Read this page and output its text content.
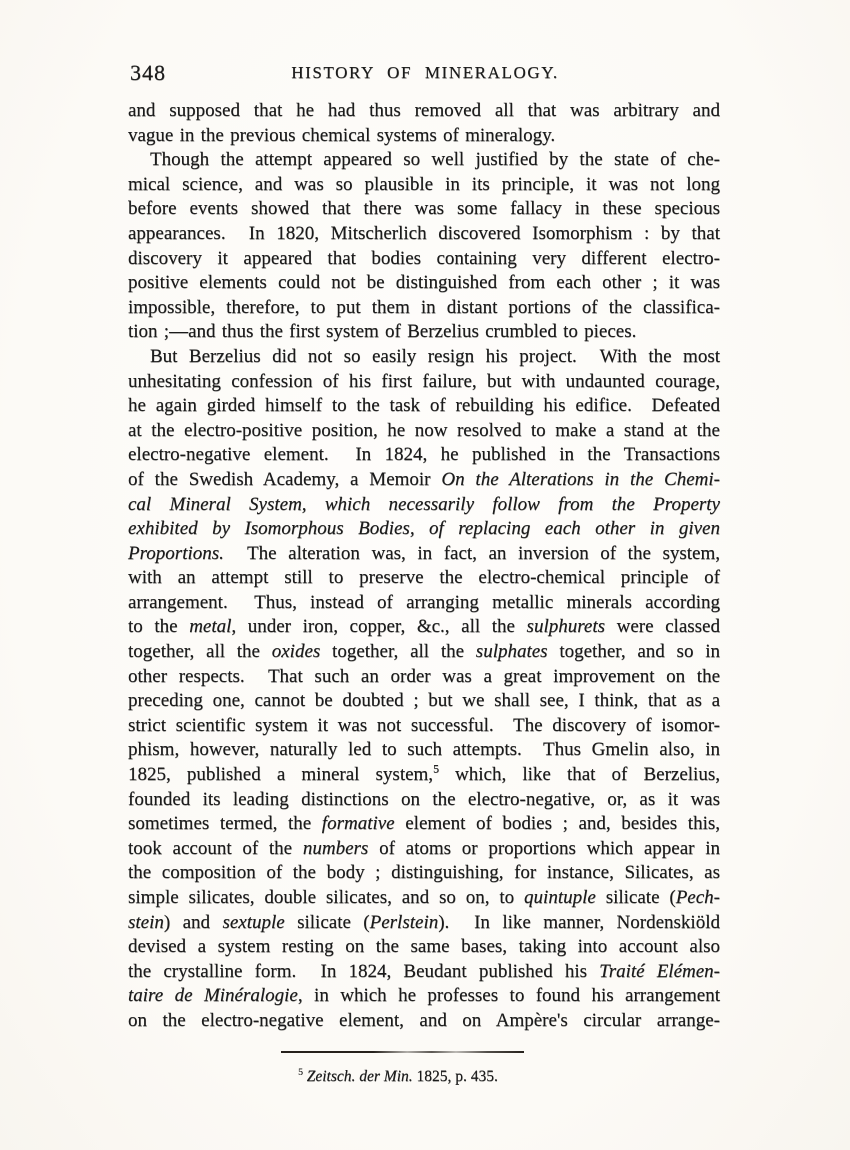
348	HISTORY OF MINERALOGY.
and supposed that he had thus removed all that was arbitrary and
vague in the previous chemical systems of mineralogy.
Though the attempt appeared so well justified by the state of che-
mical science, and was so plausible in its principle, it was not long
before events showed that there was some fallacy in these specious
appearances.  In 1820, Mitscherlich discovered Isomorphism : by that
discovery it appeared that bodies containing very different electro-
positive elements could not be distinguished from each other ; it was
impossible, therefore, to put them in distant portions of the classifica-
tion ;—and thus the first system of Berzelius crumbled to pieces.
But Berzelius did not so easily resign his project.  With the most
unhesitating confession of his first failure, but with undaunted courage,
he again girded himself to the task of rebuilding his edifice.  Defeated
at the electro-positive position, he now resolved to make a stand at the
electro-negative element.  In 1824, he published in the Transactions
of the Swedish Academy, a Memoir On the Alterations in the Chemi-
cal Mineral System, which necessarily follow from the Property
exhibited by Isomorphous Bodies, of replacing each other in given
Proportions.  The alteration was, in fact, an inversion of the system,
with an attempt still to preserve the electro-chemical principle of
arrangement.  Thus, instead of arranging metallic minerals according
to the metal, under iron, copper, &c., all the sulphurets were classed
together, all the oxides together, all the sulphates together, and so in
other respects.  That such an order was a great improvement on the
preceding one, cannot be doubted ; but we shall see, I think, that as a
strict scientific system it was not successful.  The discovery of isomor-
phism, however, naturally led to such attempts.  Thus Gmelin also, in
1825, published a mineral system,$^5$ which, like that of Berzelius,
founded its leading distinctions on the electro-negative, or, as it was
sometimes termed, the formative element of bodies ; and, besides this,
took account of the numbers of atoms or proportions which appear in
the composition of the body ; distinguishing, for instance, Silicates, as
simple silicates, double silicates, and so on, to quintuple silicate (Pech-
stein) and sextuple silicate (Perlstein).  In like manner, Nordenskiöld
devised a system resting on the same bases, taking into account also
the crystalline form.  In 1824, Beudant published his Traité Elémen-
taire de Minéralogie, in which he professes to found his arrangement
on the electro-negative element, and on Ampère's circular arrange-
$^5$ Zeitsch. der Min. 1825, p. 435.
